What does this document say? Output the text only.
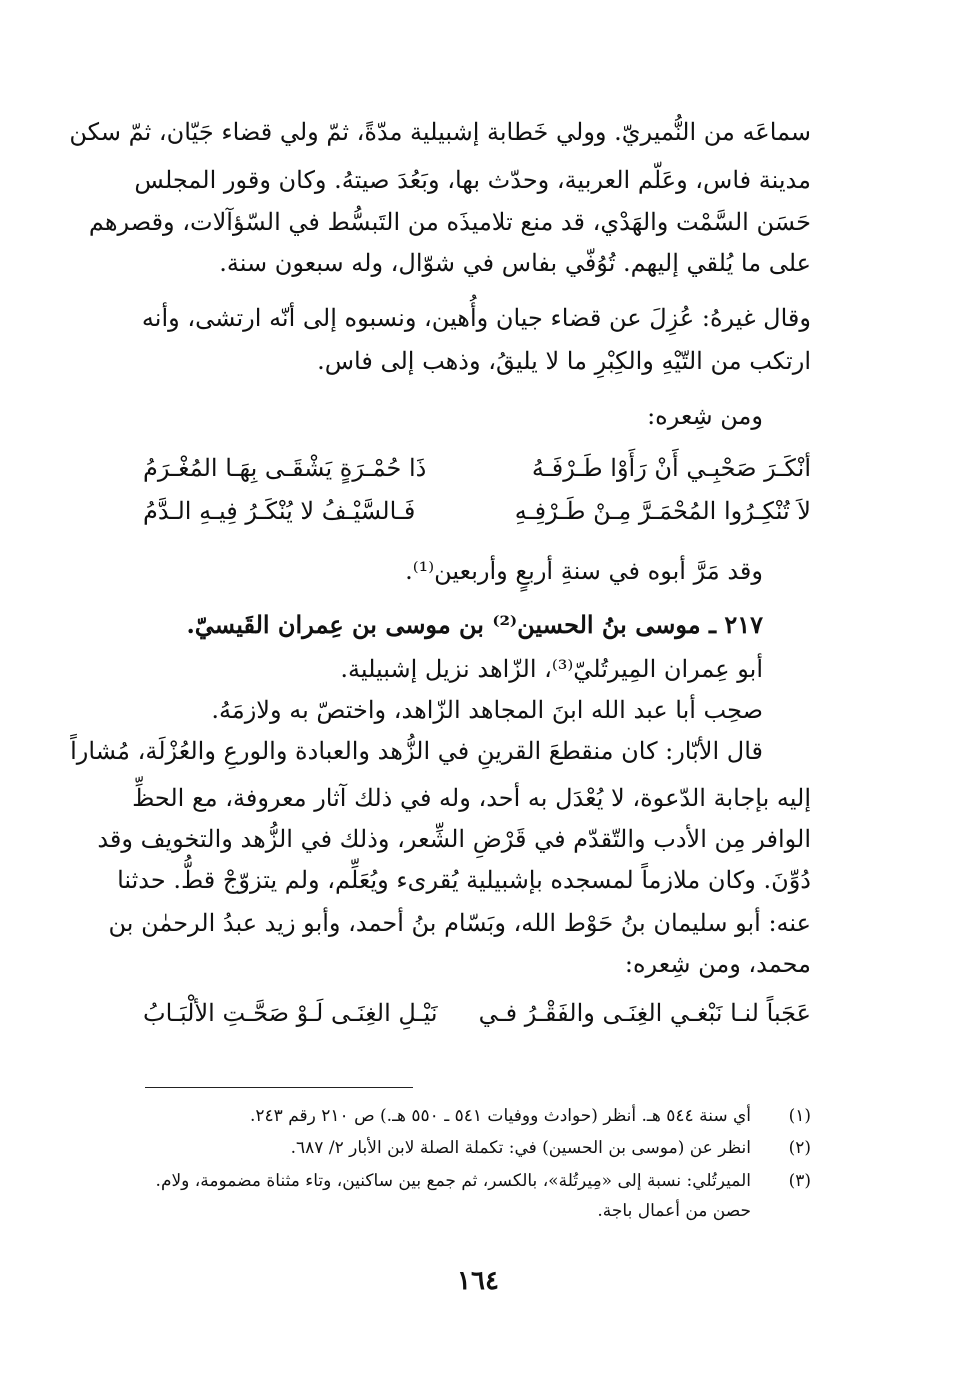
سماعَه من النُّميريّ. وولي خَطابة إشبيلية مدّةً، ثمّ ولي قضاء جَيّان، ثمّ سكن
مدينة فاس، وعَلّم العربية، وحدّث بها، وبَعُدَ صيتهُ. وكان وقور المجلس
حَسَن السَّمْت والهَدْي، قد منع تلاميذَه من التَبسُّط في السّؤآلات، وقصرهم
على ما يُلقي إليهم. تُوُفّي بفاس في شوّال، وله سبعون سنة.
وقال غيرهُ: عُزِلَ عن قضاء جيان وأُهين، ونسبوه إلى أنّه ارتشى، وأنه
ارتكب من التّيْهِ والكِبْرِ ما لا يليقُ، وذهب إلى فاس.
ومن شِعره:
أنْكَـرَ صَحْبِـي أَنْ رَأَوْا طَـرْفَـهُ
ذَا حُمْـرَةٍ يَشْقَـى بِهَـا المُغْـرَمُ
لاَ تُنْكِـرُوا المُحْمَـرَّ مِـنْ طَـرْفِـهِ
فَـالسَّيْـفُ لا يُنْكَـرُ فِيـهِ الـدَّمُ
وقد مَرَّ أبوه في سنةِ أربعٍ وأربعين⁽¹⁾.
٢١٧ ـ موسى بنُ الحسين⁽²⁾ بن موسى بن عِمران القَيسيّ.
أبو عِمران المِيرتُليّ⁽³⁾، الزّاهد نزيل إشبيلية.
صحِب أبا عبد الله ابنَ المجاهد الزّاهد، واختصّ به ولازمَهُ.
قال الأبّار: كان منقطعَ القرينِ في الزُّهد والعبادة والورعِ والعُزْلَة، مُشاراً
إليه بإجابة الدّعوة، لا يُعْدَل به أحد، وله في ذلك آثار معروفة، مع الحظِّ
الوافر مِن الأدب والتّقدّم في قَرْضِ الشِّعر، وذلك في الزُّهد والتخويف وقد
دُوِّنَ. وكان ملازماً لمسجده بإشبيلية يُقرىء ويُعَلِّم، ولم يتزوّجْ قطُّ. حدثنا
عنه: أبو سليمان بنُ حَوْط الله، وبَسّام بنُ أحمد، وأبو زيد عبدُ الرحمٰن بن
محمد، ومن شِعره:
عَجَباً لنـا نَبْغـي الغِنَـى والفَقْـرُ فـي
نَيْـلِ الغِنَـى لَـوْ صَحَّـتِ الألْبَـابُ
(١)
أي سنة ٥٤٤ هـ. أنظر (حوادث ووفيات ٥٤١ ـ ٥٥٠ هـ.) ص ٢١٠ رقم ٢٤٣.
(٢)
انظر عن (موسى بن الحسين) في: تكملة الصلة لابن الأبار ٢/ ٦٨٧.
(٣)
الميرتُلي: نسبة إلى «مِيرتُلة»، بالكسر، ثم جمع بين ساكنين، وتاء مثناة مضمومة، ولام.
حصن من أعمال باجة.
١٦٤
